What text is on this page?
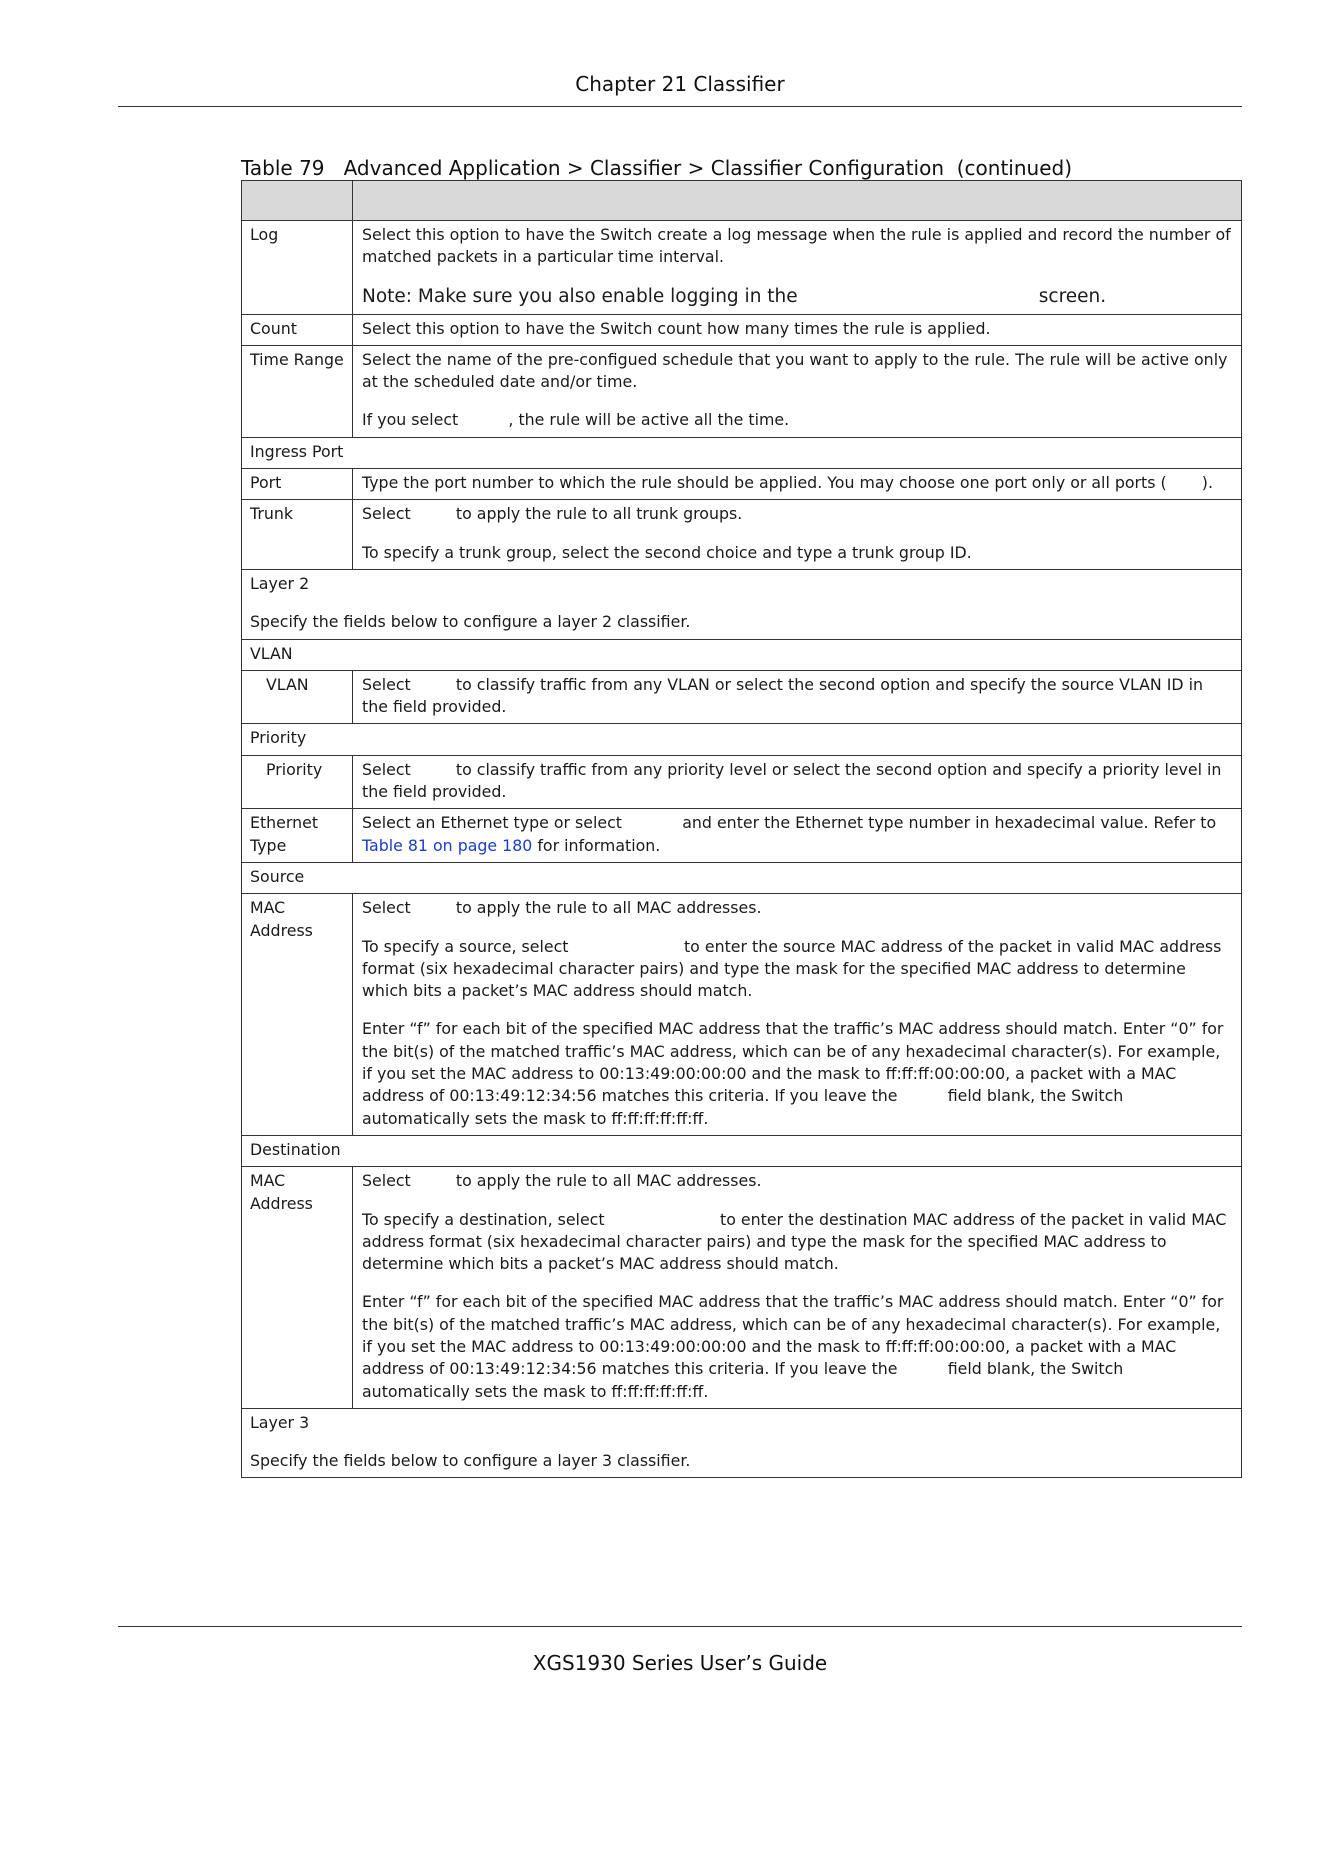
Chapter 21 Classifier
Table 79   Advanced Application > Classifier > Classifier Configuration  (continued)

Log	Select this option to have the Switch create a log message when the rule is applied and record the number of matched packets in a particular time interval.

Note: Make sure you also enable logging in the                                         screen.

Count	Select this option to have the Switch count how many times the rule is applied.

Time Range	Select the name of the pre-configued schedule that you want to apply to the rule. The rule will be active only at the scheduled date and/or time.

If you select          , the rule will be active all the time.

Ingress Port	
Port	Type the port number to which the rule should be applied. You may choose one port only or all ports (       ).

Trunk	Select         to apply the rule to all trunk groups.

To specify a trunk group, select the second choice and type a trunk group ID.

Layer 2

Specify the fields below to configure a layer 2 classifier.	

VLAN	
VLAN	Select         to classify traffic from any VLAN or select the second option and specify the source VLAN ID in the field provided.

Priority	
Priority	Select         to classify traffic from any priority level or select the second option and specify a priority level in the field provided.

Ethernet Type	Select an Ethernet type or select            and enter the Ethernet type number in hexadecimal value. Refer to Table 81 on page 180 for information.

Source	
MAC Address	Select         to apply the rule to all MAC addresses.

To specify a source, select                       to enter the source MAC address of the packet in valid MAC address format (six hexadecimal character pairs) and type the mask for the specified MAC address to determine which bits a packet’s MAC address should match.

Enter “f” for each bit of the specified MAC address that the traffic’s MAC address should match. Enter “0” for the bit(s) of the matched traffic’s MAC address, which can be of any hexadecimal character(s). For example, if you set the MAC address to 00:13:49:00:00:00 and the mask to ff:ff:ff:00:00:00, a packet with a MAC address of 00:13:49:12:34:56 matches this criteria. If you leave the          field blank, the Switch automatically sets the mask to ff:ff:ff:ff:ff:ff.

Destination	
MAC Address	Select         to apply the rule to all MAC addresses.

To specify a destination, select                       to enter the destination MAC address of the packet in valid MAC address format (six hexadecimal character pairs) and type the mask for the specified MAC address to determine which bits a packet’s MAC address should match.

Enter “f” for each bit of the specified MAC address that the traffic’s MAC address should match. Enter “0” for the bit(s) of the matched traffic’s MAC address, which can be of any hexadecimal character(s). For example, if you set the MAC address to 00:13:49:00:00:00 and the mask to ff:ff:ff:00:00:00, a packet with a MAC address of 00:13:49:12:34:56 matches this criteria. If you leave the          field blank, the Switch automatically sets the mask to ff:ff:ff:ff:ff:ff.

Layer 3

Specify the fields below to configure a layer 3 classifier.	

XGS1930 Series User’s Guide
